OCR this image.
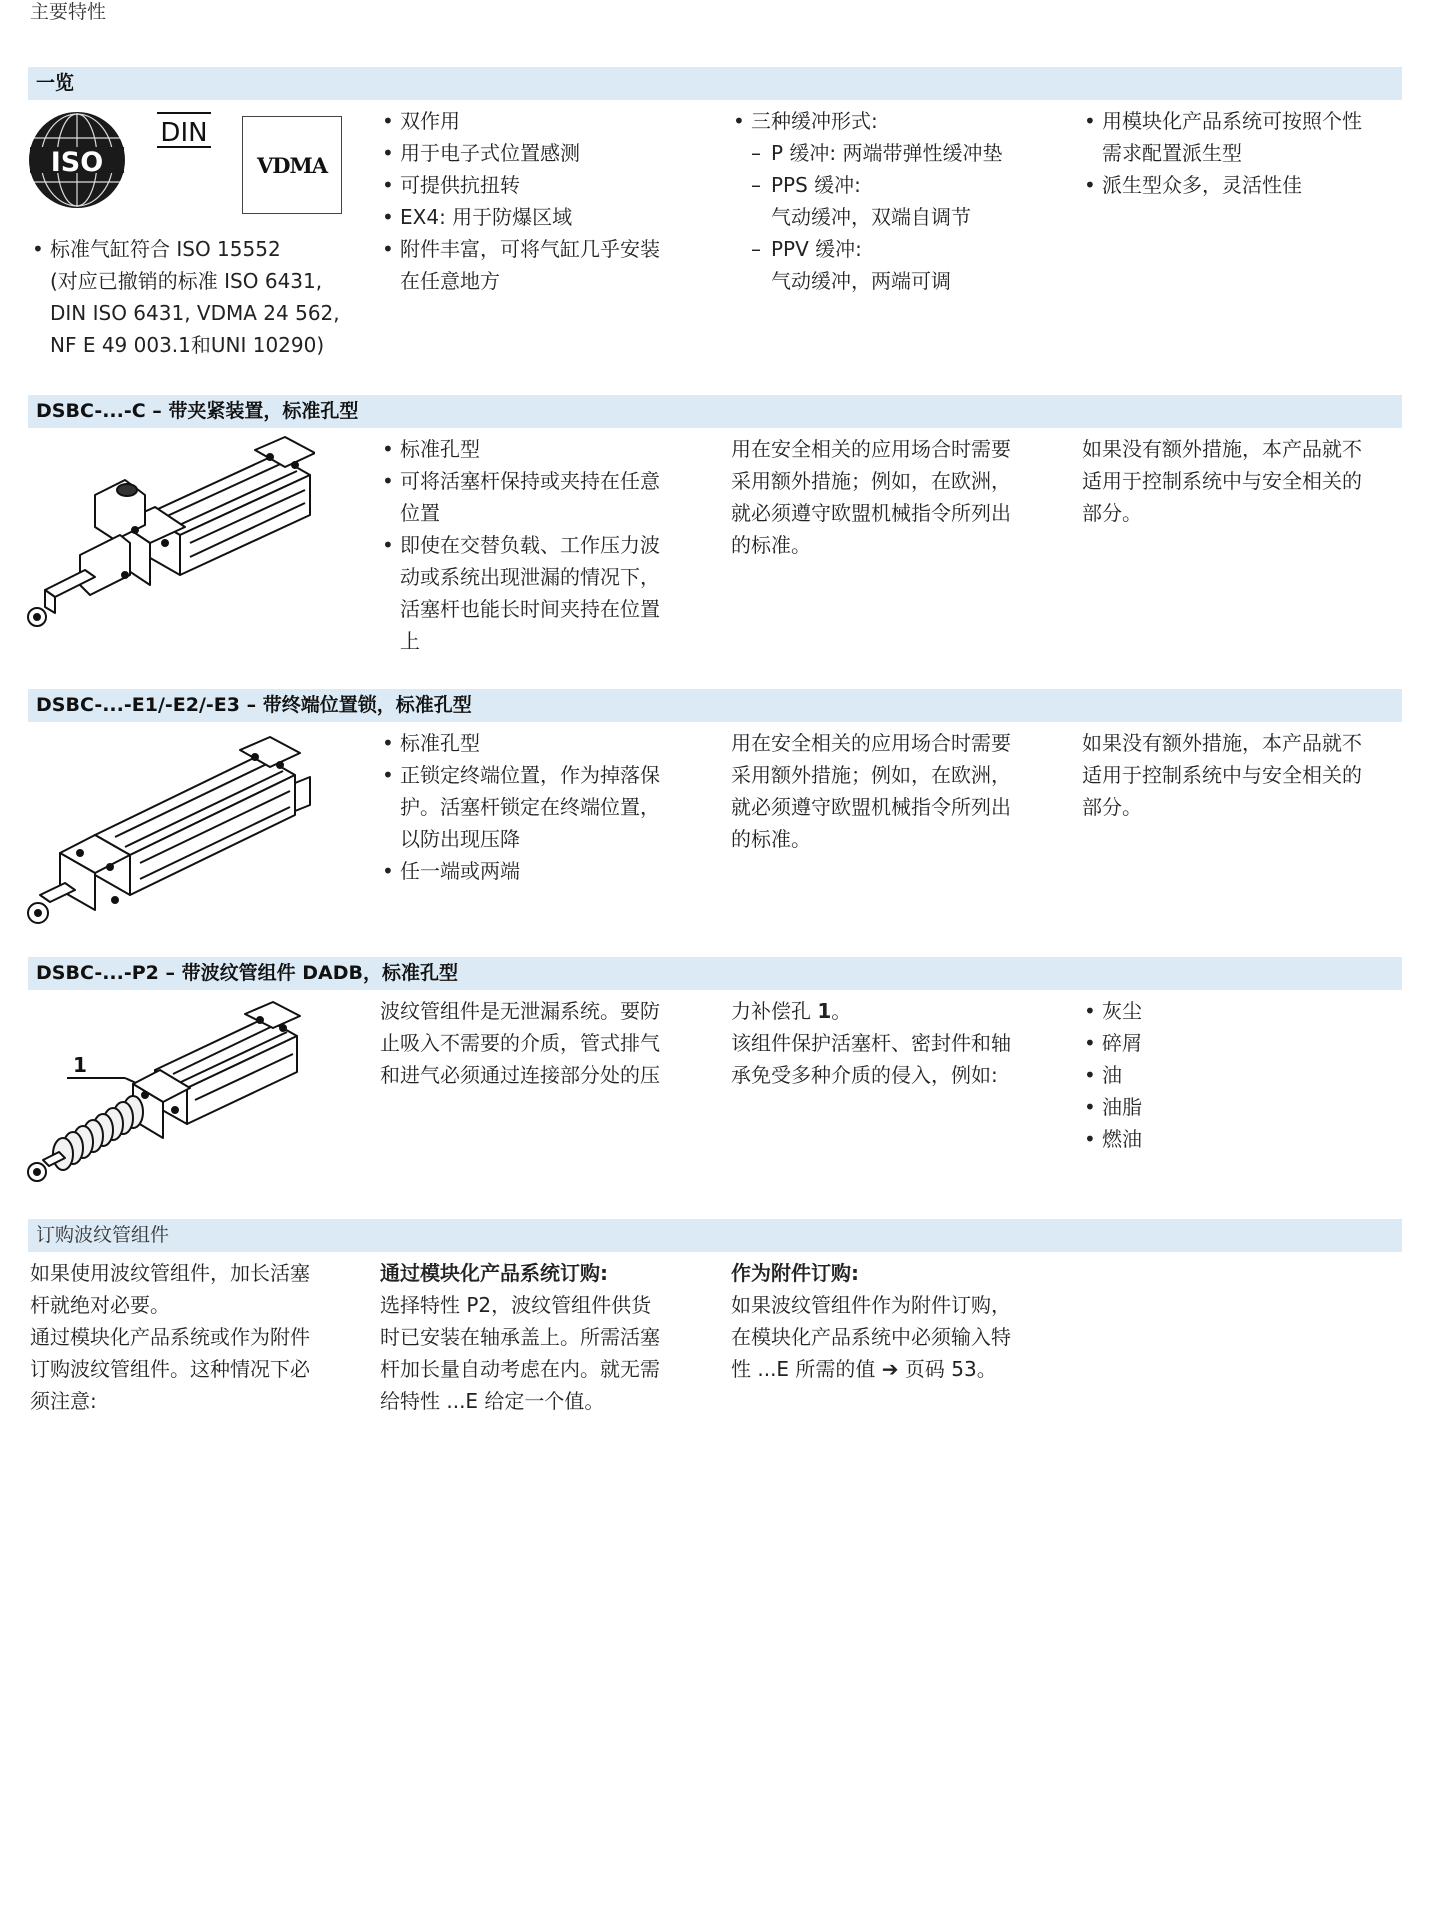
主要特性
一览
ISO
DIN
VDMA
• 标准气缸符合 ISO 15552

(对应已撤销的标准 ISO 6431,

DIN ISO 6431, VDMA 24 562,

NF E 49 003.1和UNI 10290)

• 双作用
• 用于电子式位置感测
• 可提供抗扭转
• EX4: 用于防爆区域
• 附件丰富，可将气缸几乎安装

在任意地方

• 三种缓冲形式:
– P 缓冲: 两端带弹性缓冲垫
– PPS 缓冲:

气动缓冲，双端自调节

– PPV 缓冲:

气动缓冲，两端可调

• 用模块化产品系统可按照个性

需求配置派生型

• 派生型众多，灵活性佳
DSBC-...-C – 带夹紧装置，标准孔型
• 标准孔型
• 可将活塞杆保持或夹持在任意

位置

• 即使在交替负载、工作压力波

动或系统出现泄漏的情况下，

活塞杆也能长时间夹持在位置

上

用在安全相关的应用场合时需要

采用额外措施；例如，在欧洲，

就必须遵守欧盟机械指令所列出

的标准。

如果没有额外措施，本产品就不

适用于控制系统中与安全相关的

部分。

DSBC-...-E1/-E2/-E3 – 带终端位置锁，标准孔型
• 标准孔型
• 正锁定终端位置，作为掉落保

护。活塞杆锁定在终端位置，

以防出现压降

• 任一端或两端

用在安全相关的应用场合时需要

采用额外措施；例如，在欧洲，

就必须遵守欧盟机械指令所列出

的标准。

如果没有额外措施，本产品就不

适用于控制系统中与安全相关的

部分。

DSBC-...-P2 – 带波纹管组件 DADB，标准孔型
1

波纹管组件是无泄漏系统。要防

止吸入不需要的介质，管式排气

和进气必须通过连接部分处的压

力补偿孔 1。

该组件保护活塞杆、密封件和轴

承免受多种介质的侵入，例如:

• 灰尘
• 碎屑
• 油
• 油脂
• 燃油
订购波纹管组件

如果使用波纹管组件，加长活塞

杆就绝对必要。

通过模块化产品系统或作为附件

订购波纹管组件。这种情况下必

须注意:

通过模块化产品系统订购:

选择特性 P2，波纹管组件供货

时已安装在轴承盖上。所需活塞

杆加长量自动考虑在内。就无需

给特性 ...E 给定一个值。

作为附件订购:

如果波纹管组件作为附件订购，

在模块化产品系统中必须输入特

性 ...E 所需的值 ➔ 页码 53。
